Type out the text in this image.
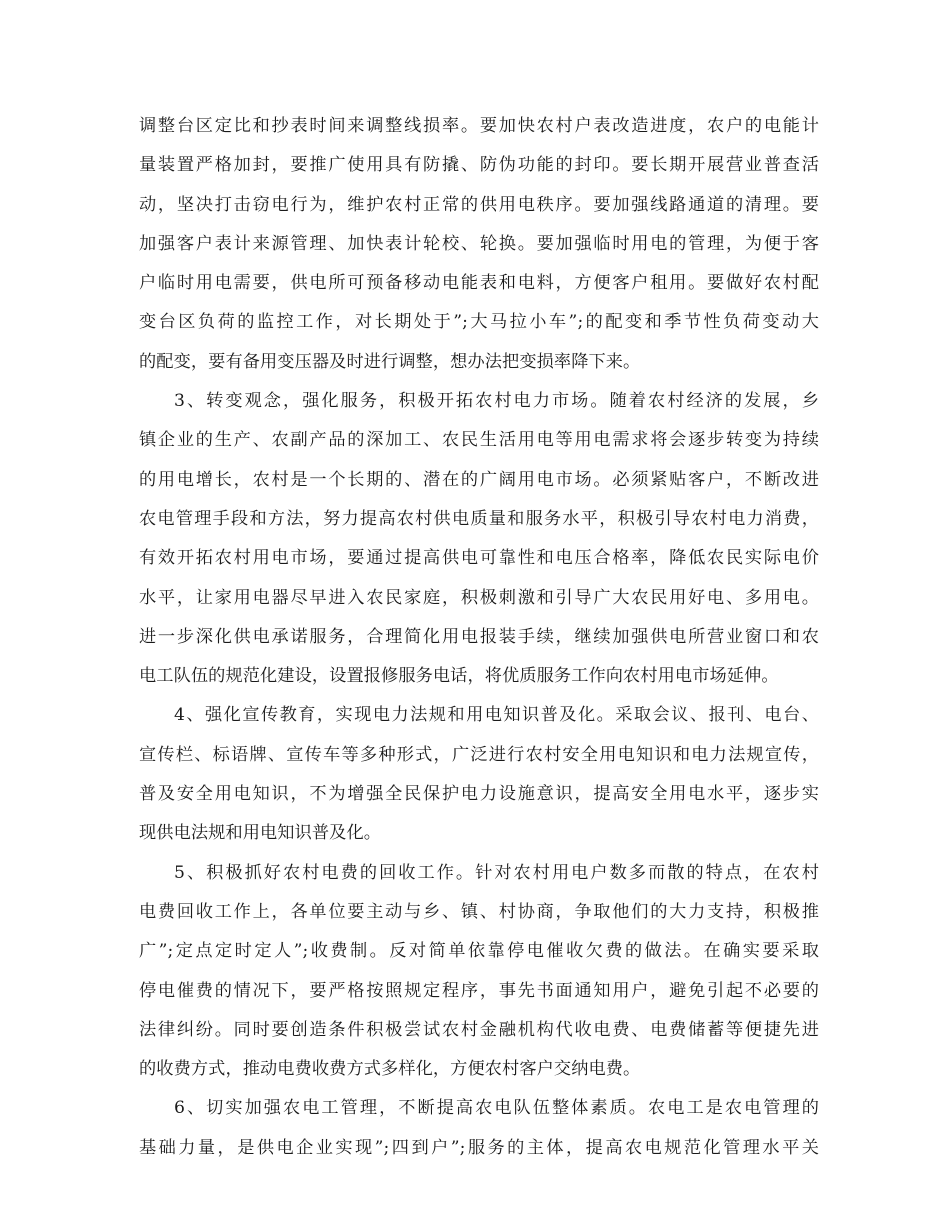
调整台区定比和抄表时间来调整线损率。要加快农村户表改造进度，农户的电能计
量装置严格加封，要推广使用具有防撬、防伪功能的封印。要长期开展营业普查活
动，坚决打击窃电行为，维护农村正常的供用电秩序。要加强线路通道的清理。要
加强客户表计来源管理、加快表计轮校、轮换。要加强临时用电的管理，为便于客
户临时用电需要，供电所可预备移动电能表和电料，方便客户租用。要做好农村配
变台区负荷的监控工作，对长期处于”;大马拉小车”;的配变和季节性负荷变动大
的配变，要有备用变压器及时进行调整，想办法把变损率降下来。
3、转变观念，强化服务，积极开拓农村电力市场。随着农村经济的发展，乡
镇企业的生产、农副产品的深加工、农民生活用电等用电需求将会逐步转变为持续
的用电增长，农村是一个长期的、潜在的广阔用电市场。必须紧贴客户，不断改进
农电管理手段和方法，努力提高农村供电质量和服务水平，积极引导农村电力消费，
有效开拓农村用电市场，要通过提高供电可靠性和电压合格率，降低农民实际电价
水平，让家用电器尽早进入农民家庭，积极刺激和引导广大农民用好电、多用电。
进一步深化供电承诺服务，合理简化用电报装手续，继续加强供电所营业窗口和农
电工队伍的规范化建设，设置报修服务电话，将优质服务工作向农村用电市场延伸。
4、强化宣传教育，实现电力法规和用电知识普及化。采取会议、报刊、电台、
宣传栏、标语牌、宣传车等多种形式，广泛进行农村安全用电知识和电力法规宣传，
普及安全用电知识，不为增强全民保护电力设施意识，提高安全用电水平，逐步实
现供电法规和用电知识普及化。
5、积极抓好农村电费的回收工作。针对农村用电户数多而散的特点，在农村
电费回收工作上，各单位要主动与乡、镇、村协商，争取他们的大力支持，积极推
广”;定点定时定人”;收费制。反对简单依靠停电催收欠费的做法。在确实要采取
停电催费的情况下，要严格按照规定程序，事先书面通知用户，避免引起不必要的
法律纠纷。同时要创造条件积极尝试农村金融机构代收电费、电费储蓄等便捷先进
的收费方式，推动电费收费方式多样化，方便农村客户交纳电费。
6、切实加强农电工管理，不断提高农电队伍整体素质。农电工是农电管理的
基础力量，是供电企业实现”;四到户”;服务的主体，提高农电规范化管理水平关
